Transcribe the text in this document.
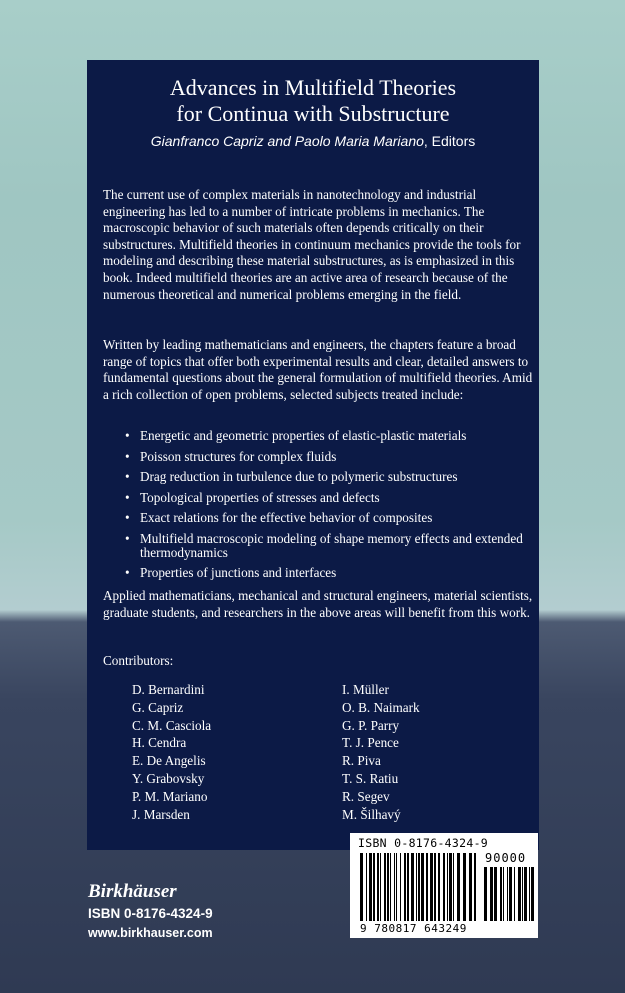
Advances in Multifield Theories
for Continua with Substructure
Gianfranco Capriz and Paolo Maria Mariano, Editors

The current use of complex materials in nanotechnology and industrial engineering has led to a number of intricate problems in mechanics. The macroscopic behavior of such materials often depends critically on their substructures. Multifield theories in continuum mechanics provide the tools for modeling and describing these material substructures, as is emphasized in this book. Indeed multifield theories are an active area of research because of the numerous theoretical and numerical problems emerging in the field.

Written by leading mathematicians and engineers, the chapters feature a broad range of topics that offer both experimental results and clear, detailed answers to fundamental questions about the general formulation of multifield theories. Amid a rich collection of open problems, selected subjects treated include:

• Energetic and geometric properties of elastic-plastic materials
• Poisson structures for complex fluids
• Drag reduction in turbulence due to polymeric substructures
• Topological properties of stresses and defects
• Exact relations for the effective behavior of composites
• Multifield macroscopic modeling of shape memory effects and extended thermodynamics
• Properties of junctions and interfaces

Applied mathematicians, mechanical and structural engineers, material scientists, graduate students, and researchers in the above areas will benefit from this work.

Contributors:

D. Bernardini
G. Capriz
C. M. Casciola
H. Cendra
E. De Angelis
Y. Grabovsky
P. M. Mariano
J. Marsden
I. Müller
O. B. Naimark
G. P. Parry
T. J. Pence
R. Piva
T. S. Ratiu
R. Segev
M. Šilhavý
ISBN 0-8176-4324-9
90000
9 780817 643249
Birkhäuser
ISBN 0-8176-4324-9
www.birkhauser.com
